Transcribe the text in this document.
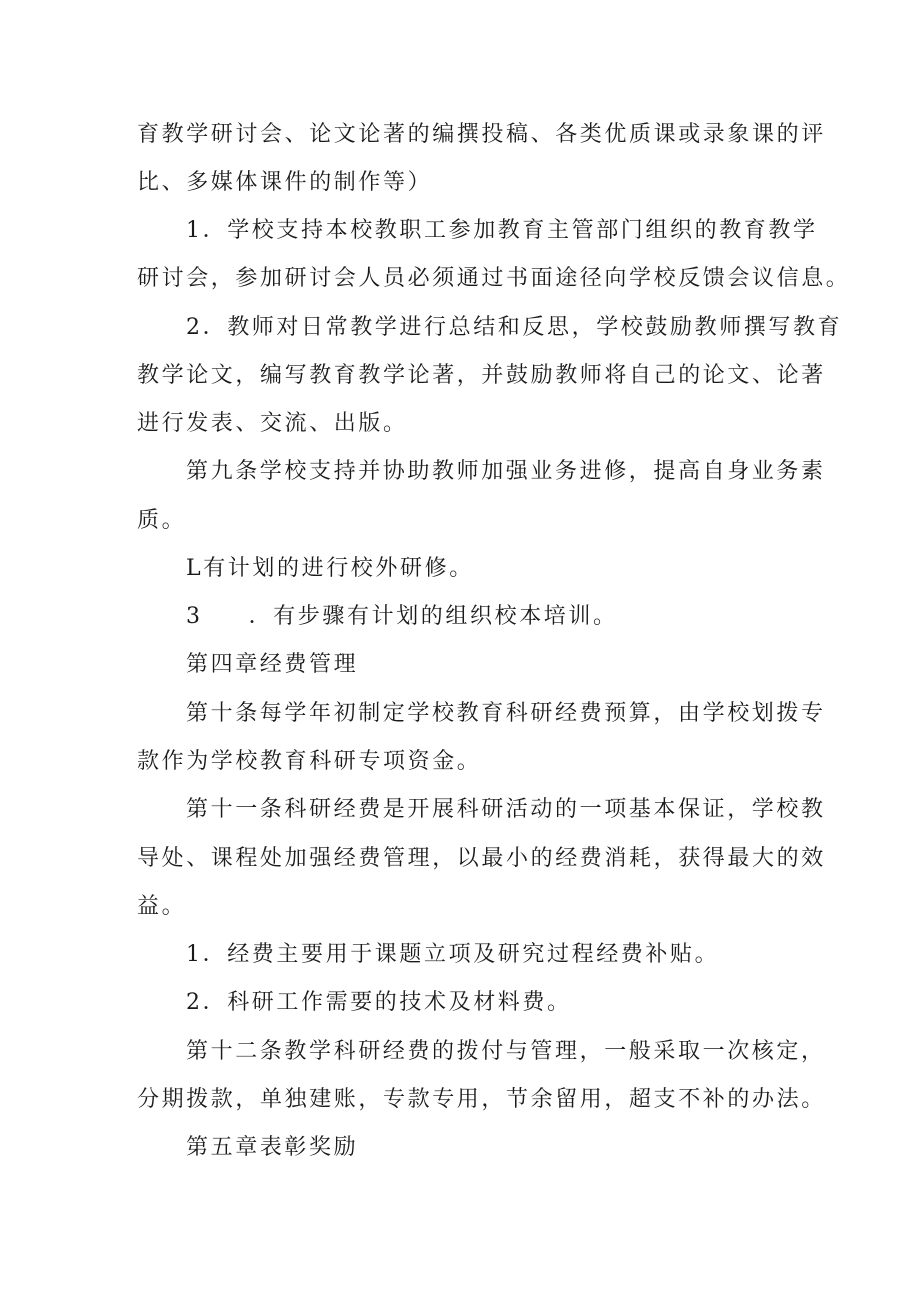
育教学研讨会、论文论著的编撰投稿、各类优质课或录象课的评
比、多媒体课件的制作等）
1．学校支持本校教职工参加教育主管部门组织的教育教学
研讨会，参加研讨会人员必须通过书面途径向学校反馈会议信息。
2．教师对日常教学进行总结和反思，学校鼓励教师撰写教育
教学论文，编写教育教学论著，并鼓励教师将自己的论文、论著
进行发表、交流、出版。
第九条学校支持并协助教师加强业务进修，提高自身业务素
质。
L有计划的进行校外研修。
3 ．有步骤有计划的组织校本培训。
第四章经费管理
第十条每学年初制定学校教育科研经费预算，由学校划拨专
款作为学校教育科研专项资金。
第十一条科研经费是开展科研活动的一项基本保证，学校教
导处、课程处加强经费管理，以最小的经费消耗，获得最大的效
益。
1．经费主要用于课题立项及研究过程经费补贴。
2．科研工作需要的技术及材料费。
第十二条教学科研经费的拨付与管理，一般采取一次核定，
分期拨款，单独建账，专款专用，节余留用，超支不补的办法。
第五章表彰奖励
